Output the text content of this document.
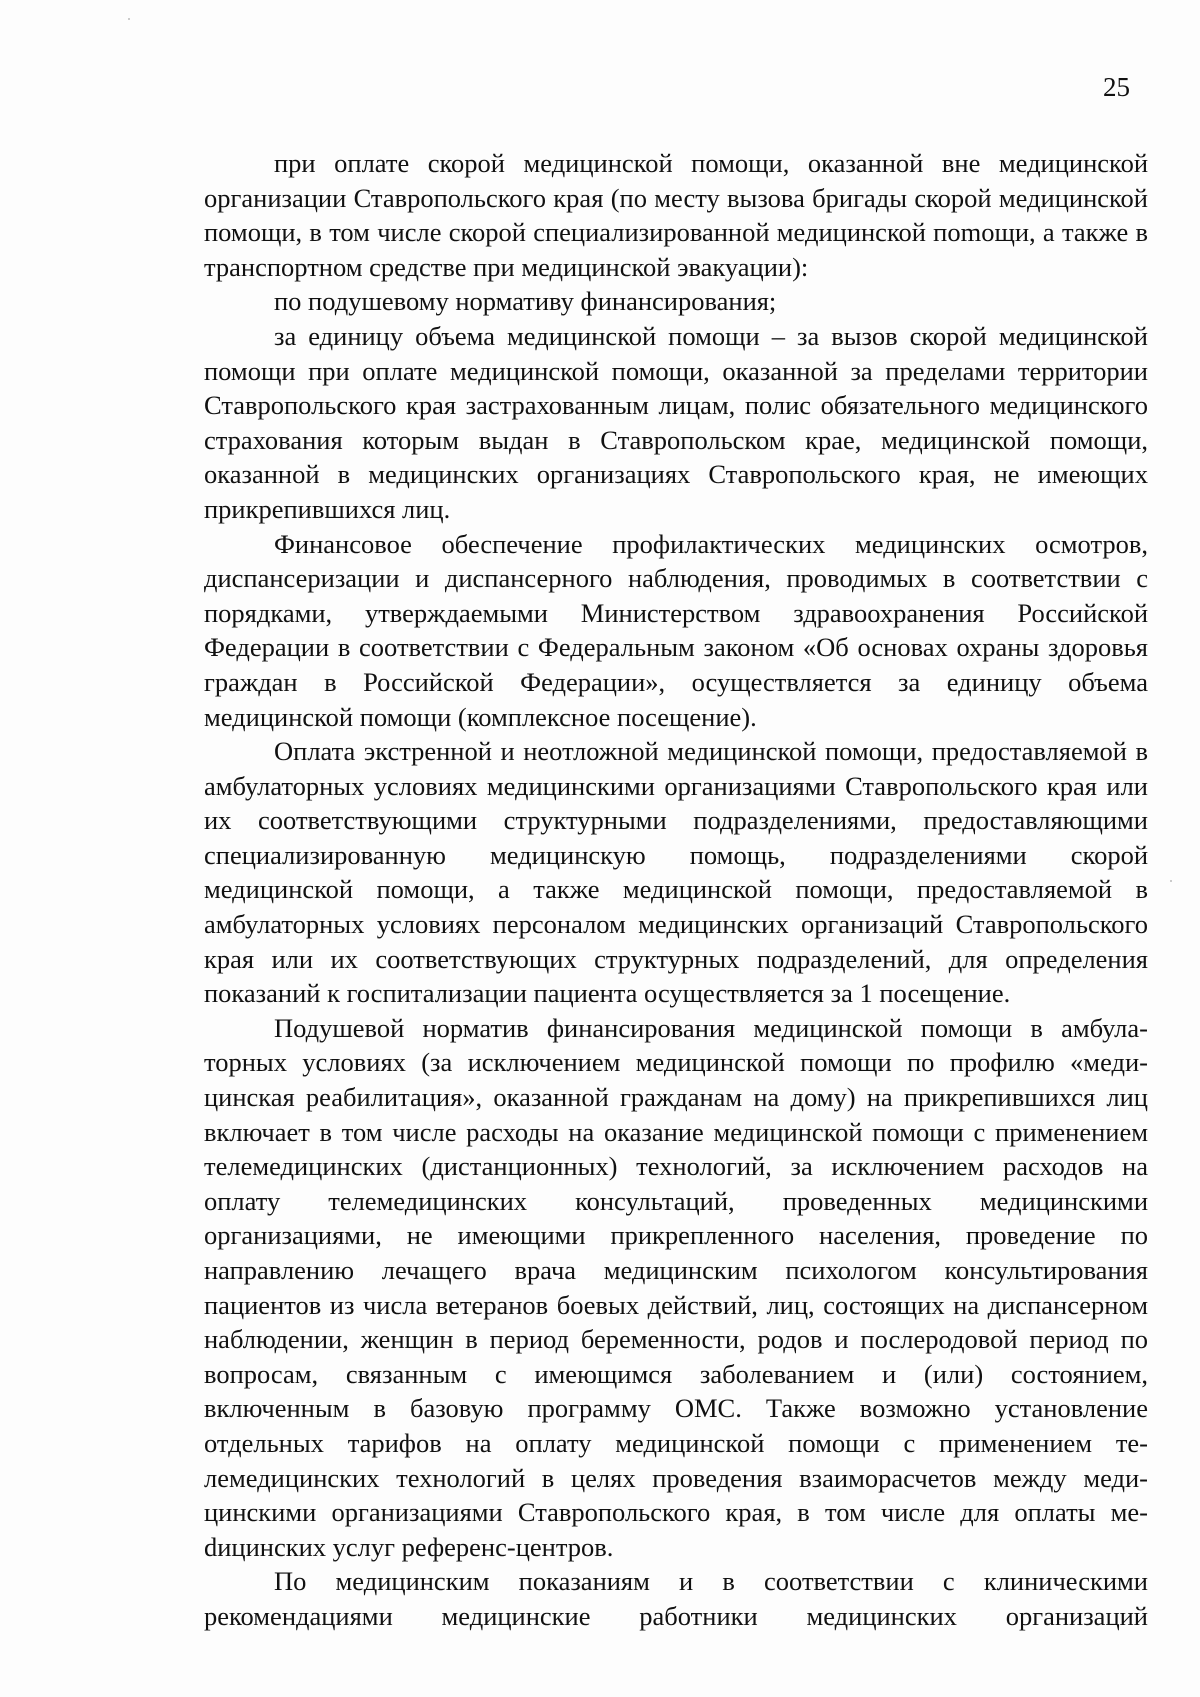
25

при оплате скорой медицинской помощи, оказанной вне медицинской организации Ставропольского края (по месту вызова бригады скорой медицинской помощи, в том числе скорой специализированной медицинской поmощи, а также в транспортном средстве при медицинской эвакуации):

по подушевому нормативу финансирования;

за единицу объема медицинской помощи – за вызов скорой медицинской помощи при оплате медицинской помощи, оказанной за пределами территории Ставропольского края застрахованным лицам, полис обязательного медицинского страхования которым выдан в Ставропольском крае, медицинской помощи, оказанной в медицинских организациях Ставропольского края, не имеющих прикрепившихся лиц.

Финансовое обеспечение профилактических медицинских осмотров, диспансеризации и диспансерного наблюдения, проводимых в соответствии с порядками, утверждаемыми Министерством здравоохранения Российской Федерации в соответствии с Федеральным законом «Об основах охраны здоровья граждан в Российской Федерации», осуществляется за единицу объема медицинской помощи (комплексное посещение).

Оплата экстренной и неотложной медицинской помощи, предоставляемой в амбулаторных условиях медицинскими организациями Ставропольского края или их соответствующими структурными подразделениями, предоставляющими специализированную медицинскую помощь, подразделениями скорой медицинской помощи, а также медицинской помощи, предоставляемой в амбулаторных условиях персоналом медицинских организаций Ставропольского края или их соответствующих структурных подразделений, для определения показаний к госпитализации пациента осуществляется за 1 посещение.

Подушевой норматив финансирования медицинской помощи в амбулаторных условиях (за исключением медицинской помощи по профилю «медицинская реабилитация», оказанной гражданам на дому) на прикрепившихся лиц включает в том числе расходы на оказание медицинской помощи с применением телемедицинских (дистанционных) технологий, за исключением расходов на оплату телемедицинских консультаций, проведенных медицинскими организациями, не имеющими прикрепленного населения, проведение по направлению лечащего врача медицинским психологом консультирования пациентов из числа ветеранов боевых действий, лиц, состоящих на диспансерном наблюдении, женщин в период беременности, родов и послеродовой период по вопросам, связанным с имеющимся заболеванием и (или) состоянием, включенным в базовую программу ОМС. Также возможно установление отдельных тарифов на оплату медицинской помощи с применением телемедицинских технологий в целях проведения взаиморасчетов между медицинскими организациями Ставропольского края, в том числе для оплаты меdицинских услуг референс-центров.

По медицинским показаниям и в соответствии с клиническими рекомендациями медицинские работники медицинских организаций
